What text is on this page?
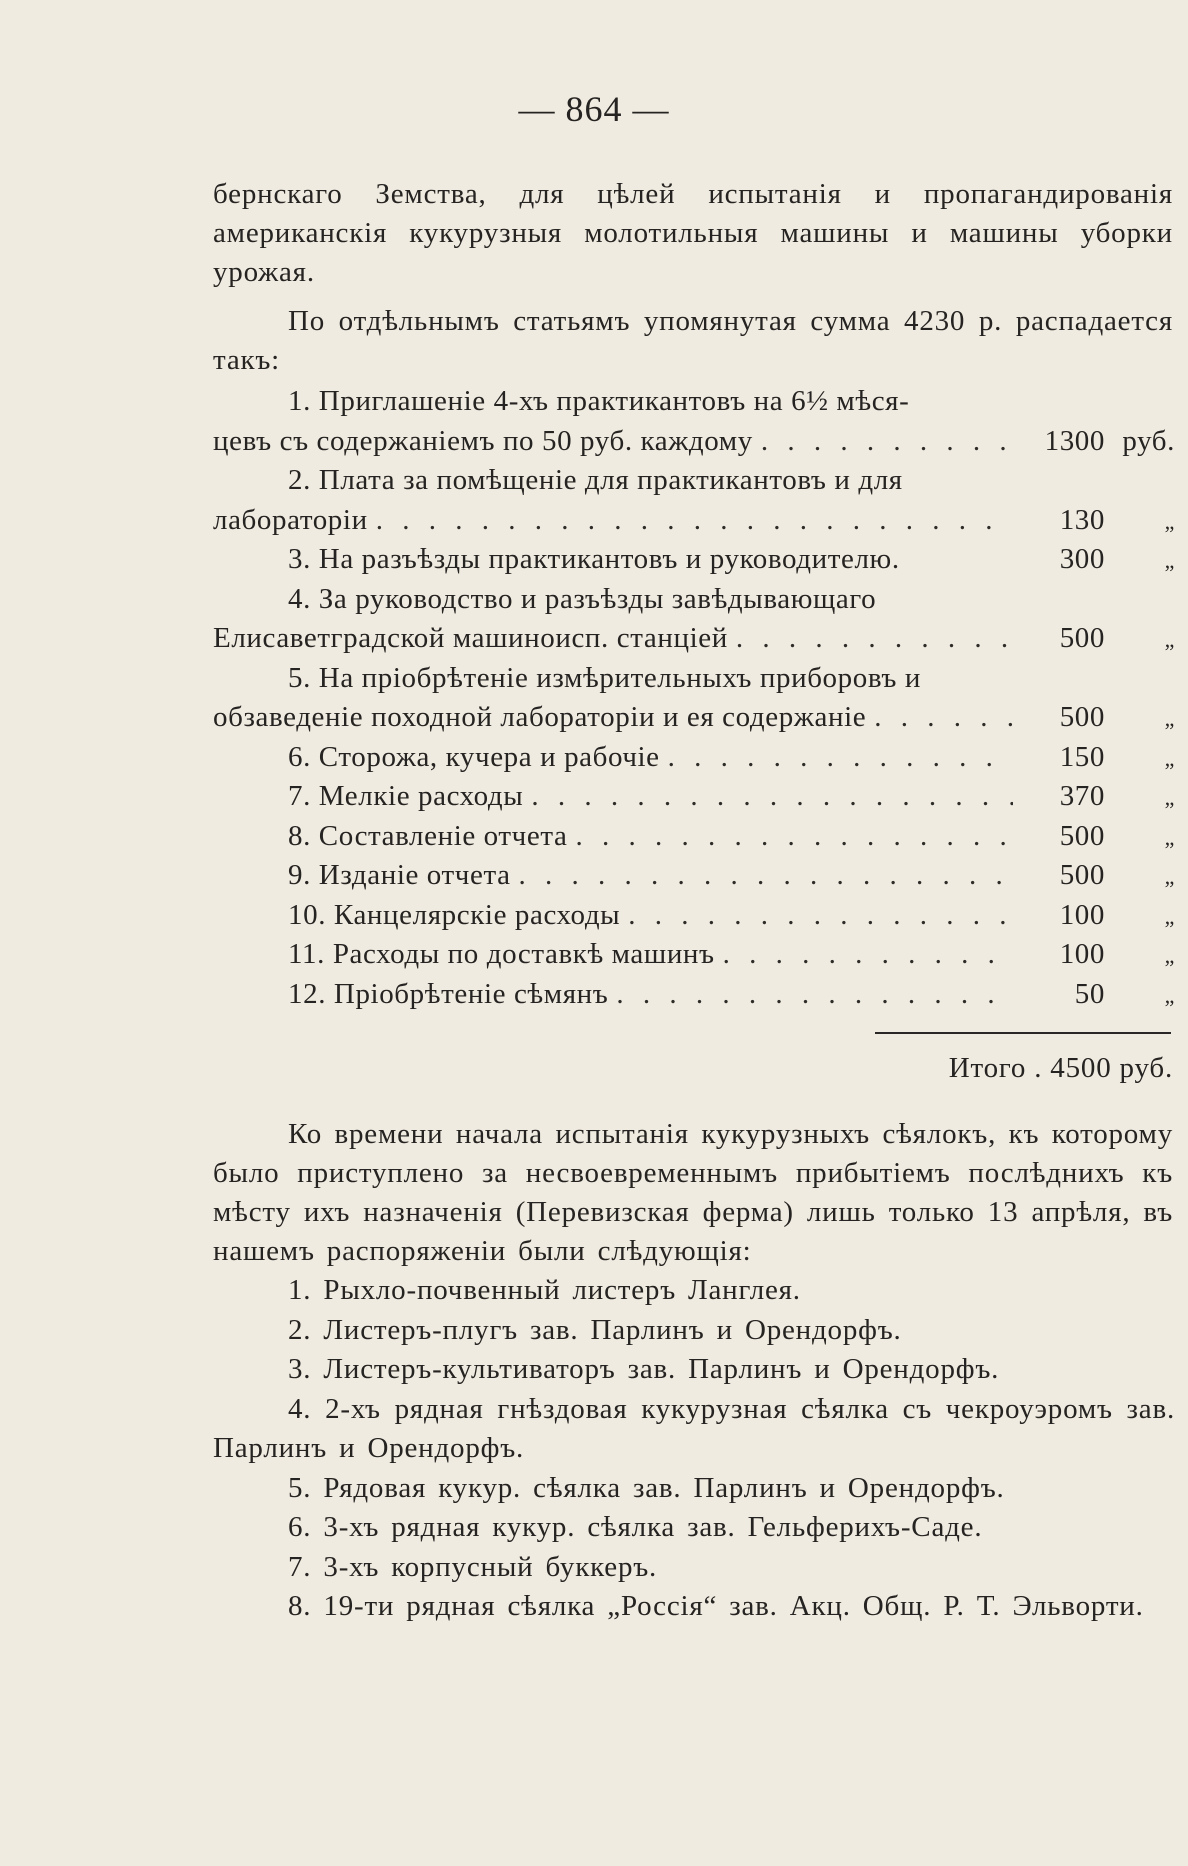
— 864 —
бернскаго Земства, для цѣлей испытанія и пропагандированія американскія кукурузныя молотильныя машины и машины уборки урожая.
По отдѣльнымъ статьямъ упомянутая сумма 4230 р. распадается такъ:
1. Приглашеніе 4-хъ практикантовъ на 6½ мѣся-
цевъ съ содержаніемъ по 50 руб. каждому . . .	1300 руб.
2. Плата за помѣщеніе для практикантовъ и для
лабораторіи . . .	130	„
3. На разъѣзды практикантовъ и руководителю.	300	„
4. За руководство и разъѣзды завѣдывающаго
Елисаветградской машиноисп. станціей . . .	500	„
5. На пріобрѣтеніе измѣрительныхъ приборовъ и
обзаведеніе походной лабораторіи и ея содержаніе . . .	500	„
6. Сторожа, кучера и рабочіе . . .	150	„
7. Мелкіе расходы . . .	370	„
8. Составленіе отчета . . .	500	„
9. Изданіе отчета . . .	500	„
10. Канцелярскіе расходы . . .	100	„
11. Расходы по доставкѣ машинъ . . .	100	„
12. Пріобрѣтеніе сѣмянъ . . .	50	„
Итого . 4500 руб.
Ко времени начала испытанія кукурузныхъ сѣялокъ, къ которому было приступлено за несвоевременнымъ прибытіемъ послѣднихъ къ мѣсту ихъ назначенія (Перевизская ферма) лишь только 13 апрѣля, въ нашемъ распоряженіи были слѣдующія:
1. Рыхло-почвенный листеръ Ланглея.
2. Листеръ-плугъ зав. Парлинъ и Орендорфъ.
3. Листеръ-культиваторъ зав. Парлинъ и Орендорфъ.
4. 2-хъ рядная гнѣздовая кукурузная сѣялка съ чекроуэромъ зав. Парлинъ и Орендорфъ.
5. Рядовая кукур. сѣялка зав. Парлинъ и Орендорфъ.
6. 3-хъ рядная кукур. сѣялка зав. Гельферихъ-Саде.
7. 3-хъ корпусный буккеръ.
8. 19-ти рядная сѣялка „Россія“ зав. Акц. Общ. Р. Т. Эльворти.
